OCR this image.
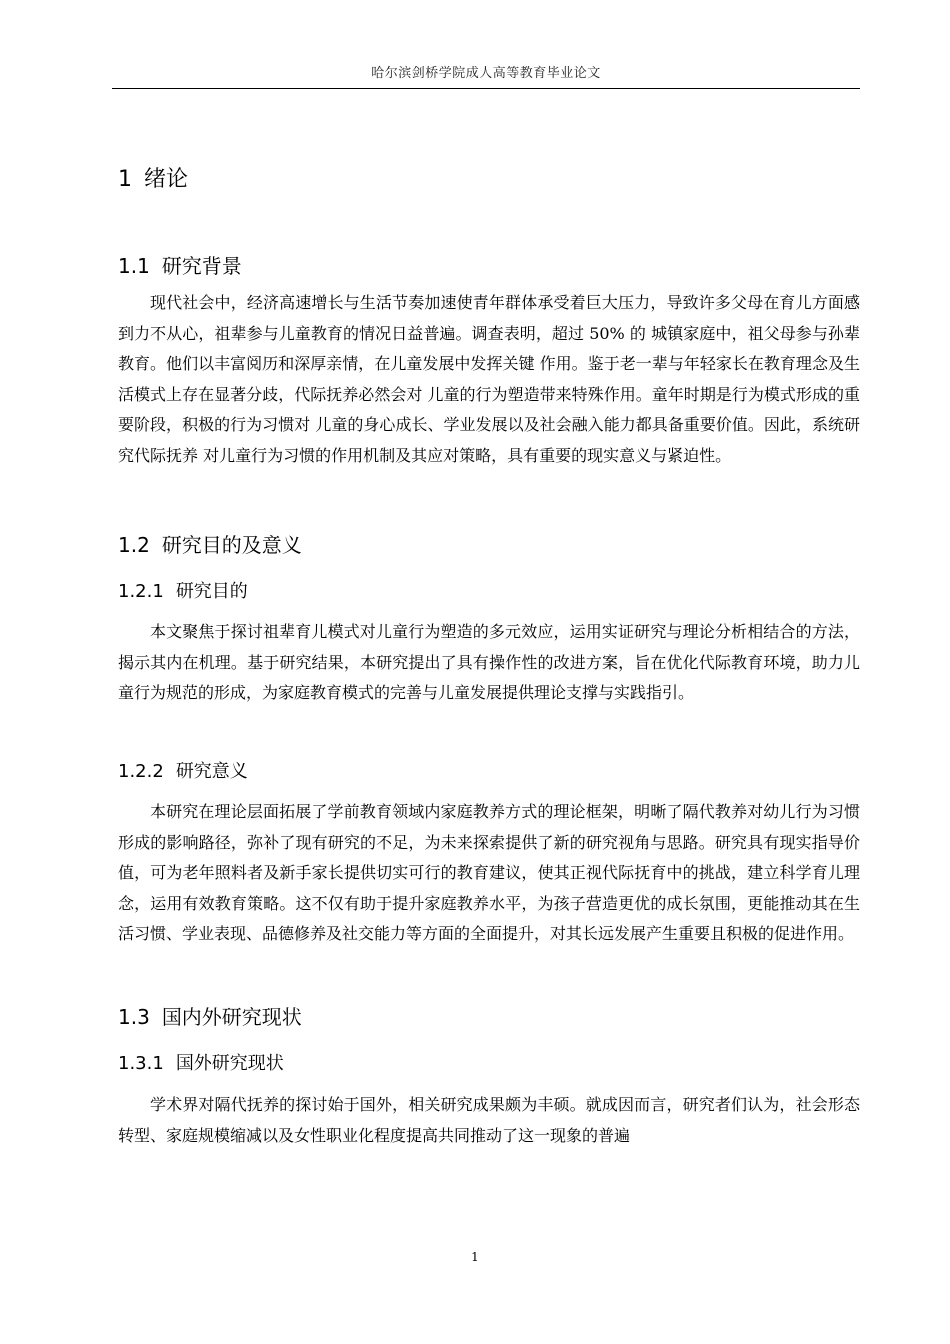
哈尔滨剑桥学院成人高等教育毕业论文
1 绪论
1.1 研究背景

现代社会中，经济高速增长与生活节奏加速使青年群体承受着巨大压力，导致许多父母在育儿方面感到力不从心，祖辈参与儿童教育的情况日益普遍。调查表明，超过 50% 的 城镇家庭中，祖父母参与孙辈教育。他们以丰富阅历和深厚亲情，在儿童发展中发挥关键 作用。鉴于老一辈与年轻家长在教育理念及生活模式上存在显著分歧，代际抚养必然会对 儿童的行为塑造带来特殊作用。童年时期是行为模式形成的重要阶段，积极的行为习惯对 儿童的身心成长、学业发展以及社会融入能力都具备重要价值。因此，系统研究代际抚养 对儿童行为习惯的作用机制及其应对策略，具有重要的现实意义与紧迫性。

1.2 研究目的及意义
1.2.1 研究目的

本文聚焦于探讨祖辈育儿模式对儿童行为塑造的多元效应，运用实证研究与理论分析相结合的方法，揭示其内在机理。基于研究结果，本研究提出了具有操作性的改进方案，旨在优化代际教育环境，助力儿童行为规范的形成，为家庭教育模式的完善与儿童发展提供理论支撑与实践指引。

1.2.2 研究意义

本研究在理论层面拓展了学前教育领域内家庭教养方式的理论框架，明晰了隔代教养对幼儿行为习惯形成的影响路径，弥补了现有研究的不足，为未来探索提供了新的研究视角与思路。研究具有现实指导价值，可为老年照料者及新手家长提供切实可行的教育建议，使其正视代际抚育中的挑战，建立科学育儿理念，运用有效教育策略。这不仅有助于提升家庭教养水平，为孩子营造更优的成长氛围，更能推动其在生活习惯、学业表现、品德修养及社交能力等方面的全面提升，对其长远发展产生重要且积极的促进作用。

1.3 国内外研究现状
1.3.1 国外研究现状

学术界对隔代抚养的探讨始于国外，相关研究成果颇为丰硕。就成因而言，研究者们认为，社会形态转型、家庭规模缩减以及女性职业化程度提高共同推动了这一现象的普遍

1
